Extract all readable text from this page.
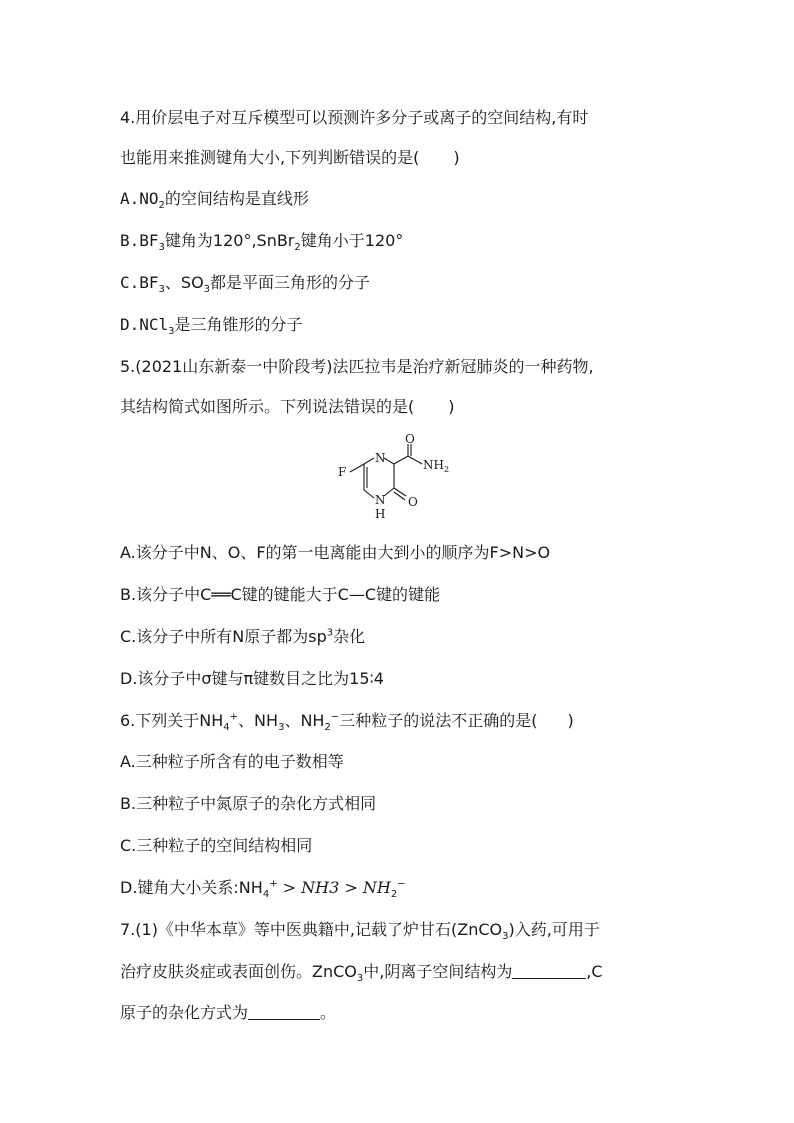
4.用价层电子对互斥模型可以预测许多分子或离子的空间结构,有时
也能用来推测键角大小,下列判断错误的是( )
$A.NO_2$的空间结构是直线形
$B.BF_3$键角为120°,SnBr$_2$键角小于120°
$C.BF_3$、$SO_3$都是平面三角形的分子
D.NCl$_3$是三角锥形的分子
5.(2021山东新泰一中阶段考)法匹拉韦是治疗新冠肺炎的一种药物,
其结构简式如图所示。下列说法错误的是( )
F
N
O
$NH_2$
N
H
O
A.该分子中N、O、F的第一电离能由大到小的顺序为F>N>O
B.该分子中C══C键的键能大于C—C键的键能
C.该分子中所有N原子都为$sp^3$杂化
D.该分子中σ键与π键数目之比为15∶4
6.下列关于$NH_4^+$、$NH_3$、$NH_2^-$三种粒子的说法不正确的是( )
A.三种粒子所含有的电子数相等
B.三种粒子中氮原子的杂化方式相同
C.三种粒子的空间结构相同
D.键角大小关系$:NH_4^+ > NH3 > NH_2^-$
7.(1)《中华本草》等中医典籍中,记载了炉甘石(ZnCO$_3$)入药,可用于
治疗皮肤炎症或表面创伤。ZnCO$_3$中,阴离子空间结构为	,C
原子的杂化方式为	。
